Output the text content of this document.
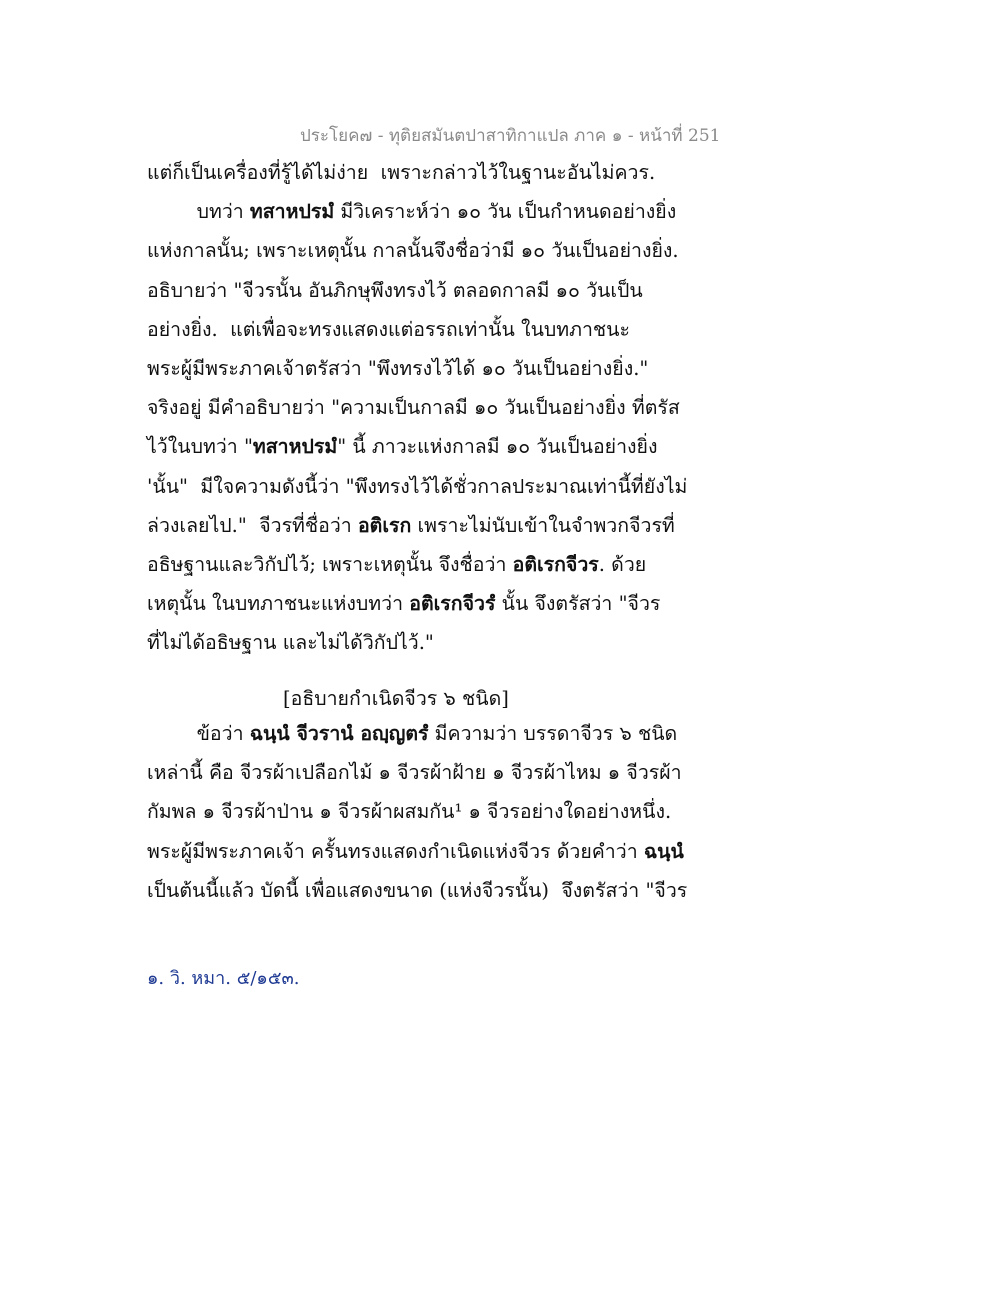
ประโยค๗ - ทุติยสมันตปาสาทิกาแปล ภาค ๑ - หน้าที่ 251
แต่ก็เป็นเครื่องที่รู้ได้ไม่ง่าย  เพราะกล่าวไว้ในฐานะอันไม่ควร.
บทว่า ทสาหปรมํ มีวิเคราะห์ว่า ๑๐ วัน เป็นกำหนดอย่างยิ่ง
แห่งกาลนั้น; เพราะเหตุนั้น กาลนั้นจึงชื่อว่ามี ๑๐ วันเป็นอย่างยิ่ง.
อธิบายว่า "จีวรนั้น อันภิกษุพึงทรงไว้ ตลอดกาลมี ๑๐ วันเป็น
อย่างยิ่ง.  แต่เพื่อจะทรงแสดงแต่อรรถเท่านั้น ในบทภาชนะ
พระผู้มีพระภาคเจ้าตรัสว่า "พึงทรงไว้ได้ ๑๐ วันเป็นอย่างยิ่ง."
จริงอยู่ มีคำอธิบายว่า "ความเป็นกาลมี ๑๐ วันเป็นอย่างยิ่ง ที่ตรัส
ไว้ในบทว่า "ทสาหปรมํ" นี้ ภาวะแห่งกาลมี ๑๐ วันเป็นอย่างยิ่ง
'นั้น"  มีใจความดังนี้ว่า "พึงทรงไว้ได้ชั่วกาลประมาณเท่านี้ที่ยังไม่
ล่วงเลยไป."  จีวรที่ชื่อว่า อติเรก เพราะไม่นับเข้าในจำพวกจีวรที่
อธิษฐานและวิกัปไว้; เพราะเหตุนั้น จึงชื่อว่า อติเรกจีวร. ด้วย
เหตุนั้น ในบทภาชนะแห่งบทว่า อติเรกจีวรํ นั้น จึงตรัสว่า "จีวร
ที่ไม่ได้อธิษฐาน และไม่ได้วิกัปไว้."
ข้อว่า ฉนฺนํ จีวรานํ อญฺญตรํ มีความว่า บรรดาจีวร ๖ ชนิด
เหล่านี้ คือ จีวรผ้าเปลือกไม้ ๑ จีวรผ้าฝ้าย ๑ จีวรผ้าไหม ๑ จีวรผ้า
กัมพล ๑ จีวรผ้าป่าน ๑ จีวรผ้าผสมกัน¹ ๑ จีวรอย่างใดอย่างหนึ่ง.
พระผู้มีพระภาคเจ้า ครั้นทรงแสดงกำเนิดแห่งจีวร ด้วยคำว่า ฉนฺนํ
เป็นต้นนี้แล้ว บัดนี้ เพื่อแสดงขนาด (แห่งจีวรนั้น)  จึงตรัสว่า "จีวร
[อธิบายกำเนิดจีวร ๖ ชนิด]
๑. วิ. หมา. ๕/๑๕๓.
